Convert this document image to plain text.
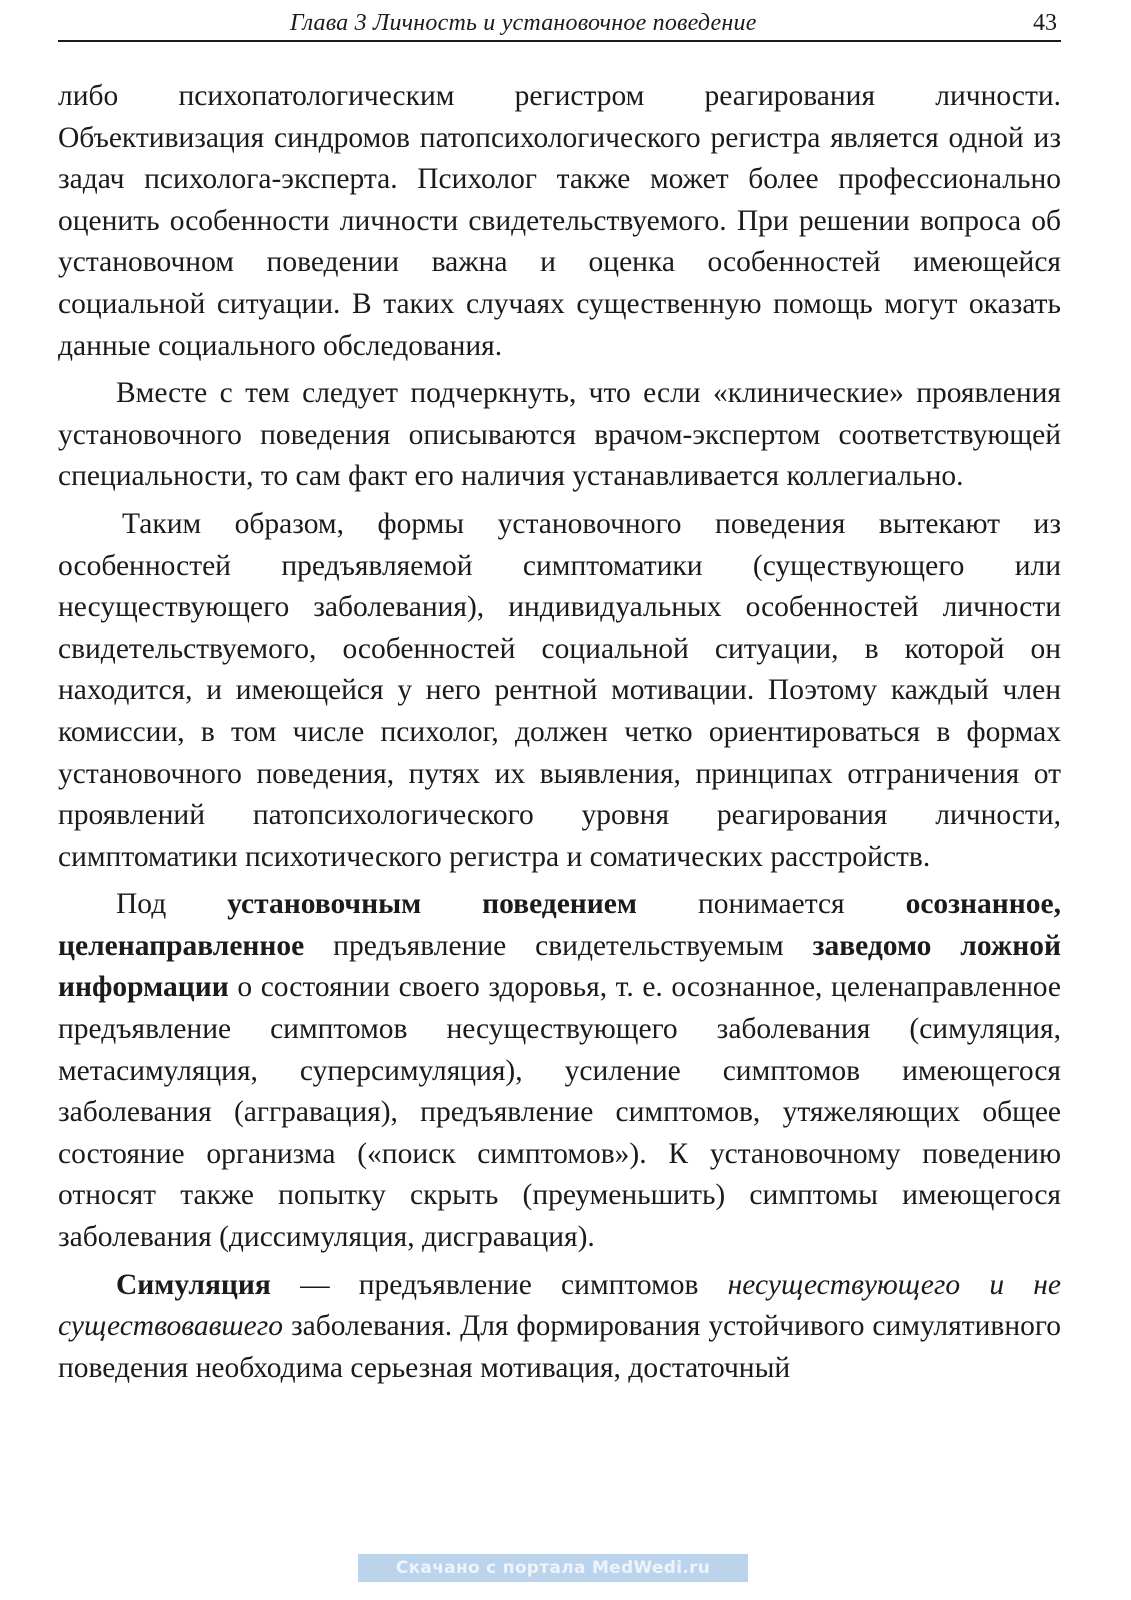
Глава 3 Личность и установочное поведение	43

либо психопатологическим регистром реагирования личности. Объективизация синдромов патопсихологического регистра является одной из задач психолога-эксперта. Психолог также может более профессионально оценить особенности личности свидетельствуемого. При решении вопроса об установочном поведении важна и оценка особенностей имеющейся социальной ситуации. В таких случаях существенную помощь могут оказать данные социального обследования.

Вместе с тем следует подчеркнуть, что если «клинические» проявления установочного поведения описываются врачом-экспертом соответствующей специальности, то сам факт его наличия устанавливается коллегиально.

Таким образом, формы установочного поведения вытекают из особенностей предъявляемой симптоматики (существующего или несуществующего заболевания), индивидуальных особенностей личности свидетельствуемого, особенностей социальной ситуации, в которой он находится, и имеющейся у него рентной мотивации. Поэтому каждый член комиссии, в том числе психолог, должен четко ориентироваться в формах установочного поведения, путях их выявления, принципах отграничения от проявлений патопсихологического уровня реагирования личности, симптоматики психотического регистра и соматических расстройств.

Под установочным поведением понимается осознанное, целенаправленное предъявление свидетельствуемым заведомо ложной информации о состоянии своего здоровья, т. е. осознанное, целенаправленное предъявление симптомов несуществующего заболевания (симуляция, метасимуляция, суперсимуляция), усиление симптомов имеющегося заболевания (аггравация), предъявление симптомов, утяжеляющих общее состояние организма («поиск симптомов»). К установочному поведению относят также попытку скрыть (преуменьшить) симптомы имеющегося заболевания (диссимуляция, дисгравация).

Симуляция — предъявление симптомов несуществующего и не существовавшего заболевания. Для формирования устойчивого симулятивного поведения необходима серьезная мотивация, достаточный

Скачано с портала MedWedi.ru
